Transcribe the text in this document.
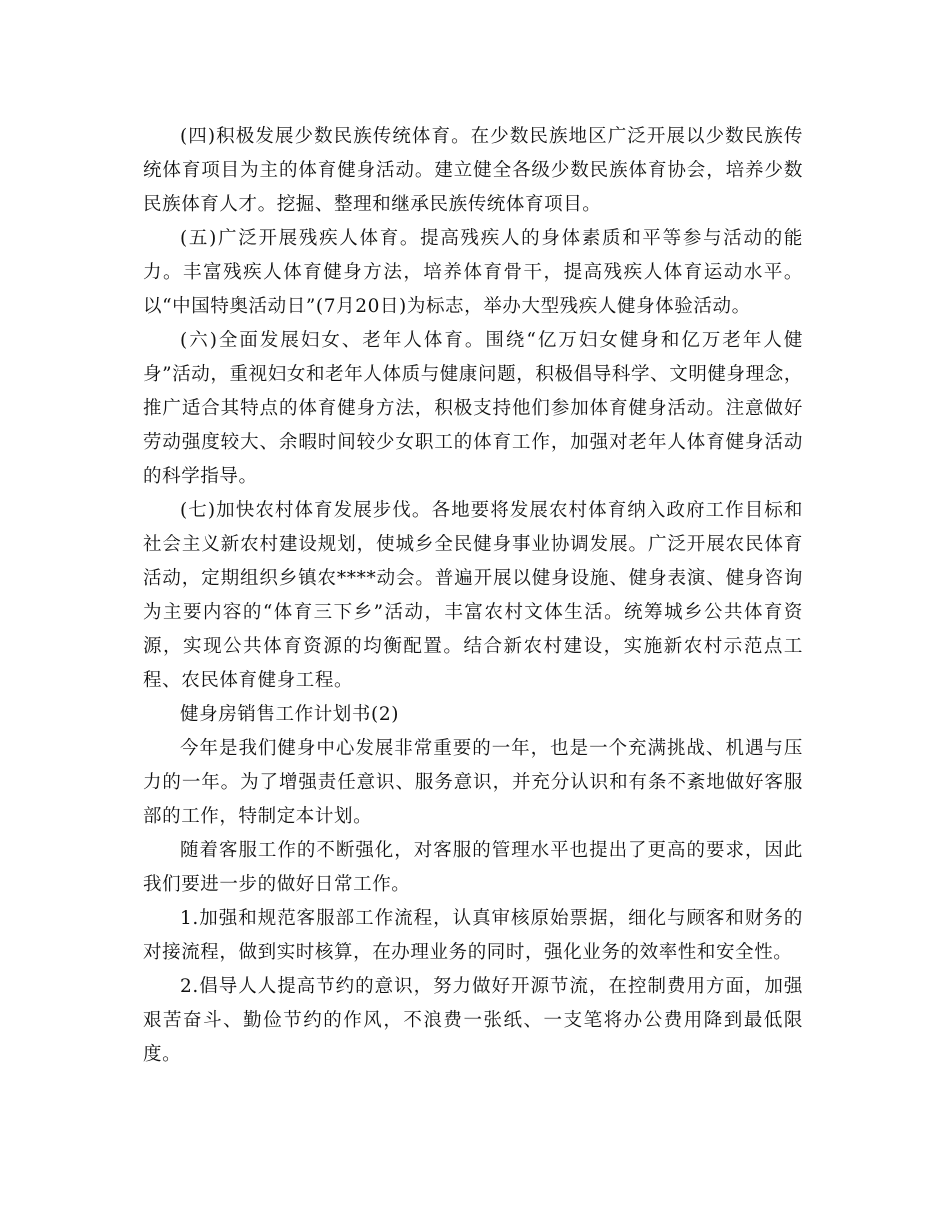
(四)积极发展少数民族传统体育。在少数民族地区广泛开展以少数民族传统体育项目为主的体育健身活动。建立健全各级少数民族体育协会，培养少数民族体育人才。挖掘、整理和继承民族传统体育项目。

(五)广泛开展残疾人体育。提高残疾人的身体素质和平等参与活动的能力。丰富残疾人体育健身方法，培养体育骨干，提高残疾人体育运动水平。以“中国特奥活动日”(7月20日)为标志，举办大型残疾人健身体验活动。

(六)全面发展妇女、老年人体育。围绕“亿万妇女健身和亿万老年人健身”活动，重视妇女和老年人体质与健康问题，积极倡导科学、文明健身理念，推广适合其特点的体育健身方法，积极支持他们参加体育健身活动。注意做好劳动强度较大、余暇时间较少女职工的体育工作，加强对老年人体育健身活动的科学指导。

(七)加快农村体育发展步伐。各地要将发展农村体育纳入政府工作目标和社会主义新农村建设规划，使城乡全民健身事业协调发展。广泛开展农民体育活动，定期组织乡镇农****动会。普遍开展以健身设施、健身表演、健身咨询为主要内容的“体育三下乡”活动，丰富农村文体生活。统筹城乡公共体育资源，实现公共体育资源的均衡配置。结合新农村建设，实施新农村示范点工程、农民体育健身工程。

健身房销售工作计划书(2)

今年是我们健身中心发展非常重要的一年，也是一个充满挑战、机遇与压力的一年。为了增强责任意识、服务意识，并充分认识和有条不紊地做好客服部的工作，特制定本计划。

随着客服工作的不断强化，对客服的管理水平也提出了更高的要求，因此我们要进一步的做好日常工作。

1.加强和规范客服部工作流程，认真审核原始票据，细化与顾客和财务的对接流程，做到实时核算，在办理业务的同时，强化业务的效率性和安全性。

2.倡导人人提高节约的意识，努力做好开源节流，在控制费用方面，加强艰苦奋斗、勤俭节约的作风，不浪费一张纸、一支笔将办公费用降到最低限度。
